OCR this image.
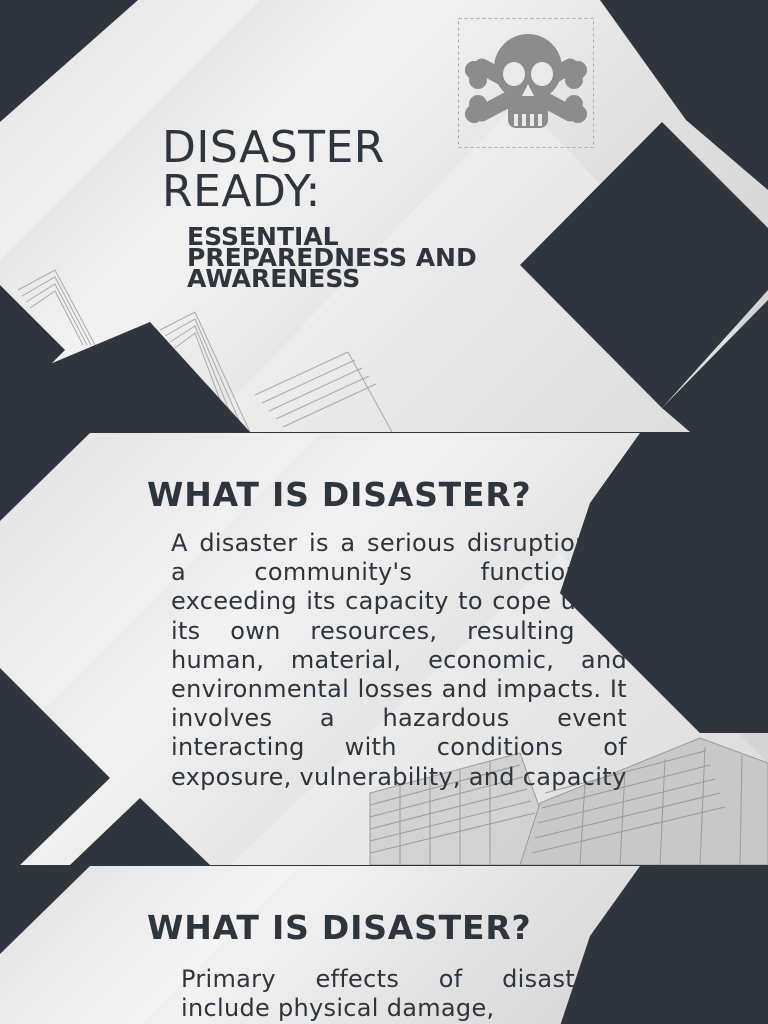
DISASTER
READY:
ESSENTIAL
PREPAREDNESS AND
AWARENESS
WHAT IS DISASTER?

A disaster is a serious disruption to a community's functioning, exceeding its capacity to cope using its own resources, resulting in human, material, economic, and environmental losses and impacts. It involves a hazardous event interacting with conditions of exposure, vulnerability, and capacity

WHAT IS DISASTER?

Primary effects of disasters include physical damage,
